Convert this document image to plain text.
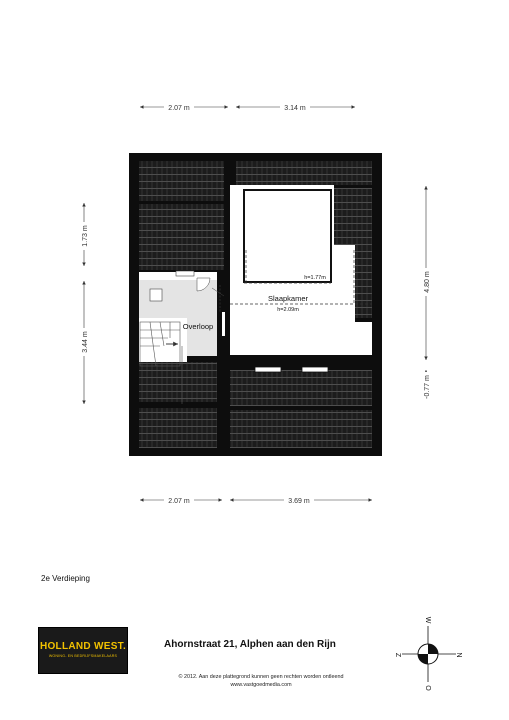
2.07 m	3.14 m
2.07 m	3.69 m
1.73 m
3.44 m
4.80 m
-0.77 m
Slaapkamer
h=2.09m
h=1.77m
Overloop
2e Verdieping
HOLLAND WEST.
WONING- EN BEDRIJFSMAKELAARS
Ahornstraat 21, Alphen aan den Rijn
© 2012. Aan deze plattegrond kunnen geen rechten worden ontleend
www.vastgoedmedia.com
W
Z	N
O
